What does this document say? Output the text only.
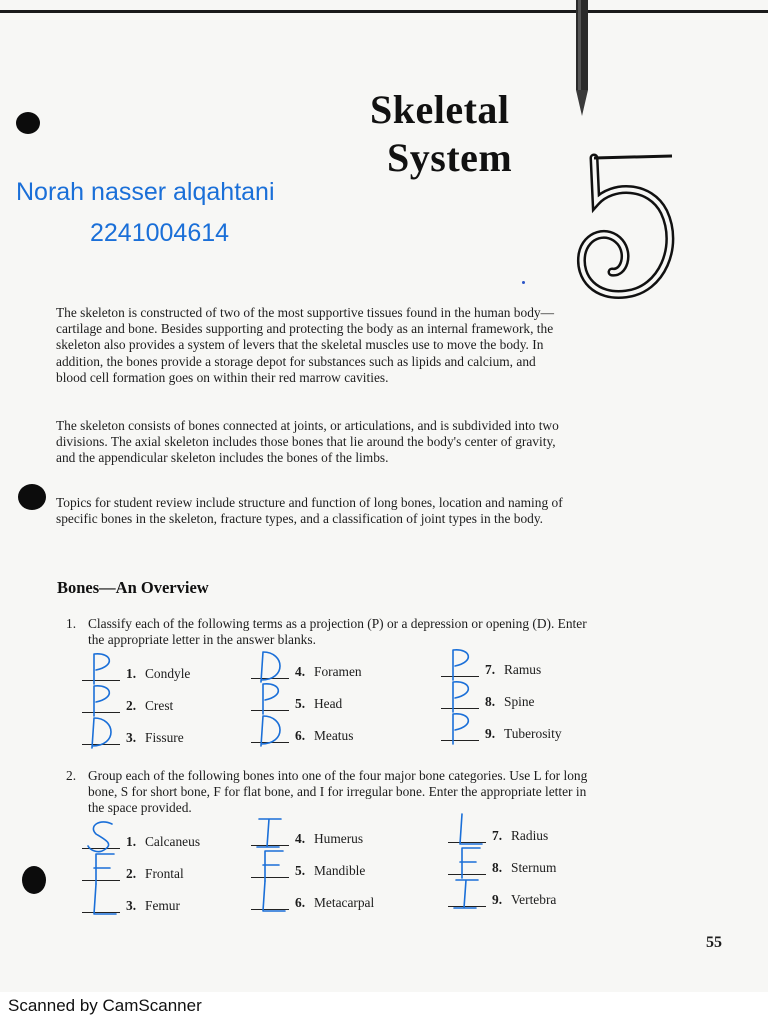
Skeletal
System
Norah nasser alqahtani
2241004614
The skeleton is constructed of two of the most supportive tissues found in the human body—cartilage and bone. Besides supporting and protecting the body as an internal framework, the skeleton also provides a system of levers that the skeletal muscles use to move the body. In addition, the bones provide a storage depot for substances such as lipids and calcium, and blood cell formation goes on within their red marrow cavities.
The skeleton consists of bones connected at joints, or articulations, and is subdivided into two divisions. The axial skeleton includes those bones that lie around the body's center of gravity, and the appendicular skeleton includes the bones of the limbs.
Topics for student review include structure and function of long bones, location and naming of specific bones in the skeleton, fracture types, and a classification of joint types in the body.
Bones—An Overview
1. Classify each of the following terms as a projection (P) or a depression or opening (D). Enter the appropriate letter in the answer blanks.
1. Condyle
2. Crest
3. Fissure
4. Foramen
5. Head
6. Meatus
7. Ramus
8. Spine
9. Tuberosity
2. Group each of the following bones into one of the four major bone categories. Use L for long bone, S for short bone, F for flat bone, and I for irregular bone. Enter the appropriate letter in the space provided.
1. Calcaneus
2. Frontal
3. Femur
4. Humerus
5. Mandible
6. Metacarpal
7. Radius
8. Sternum
9. Vertebra
55
Scanned by CamScanner
